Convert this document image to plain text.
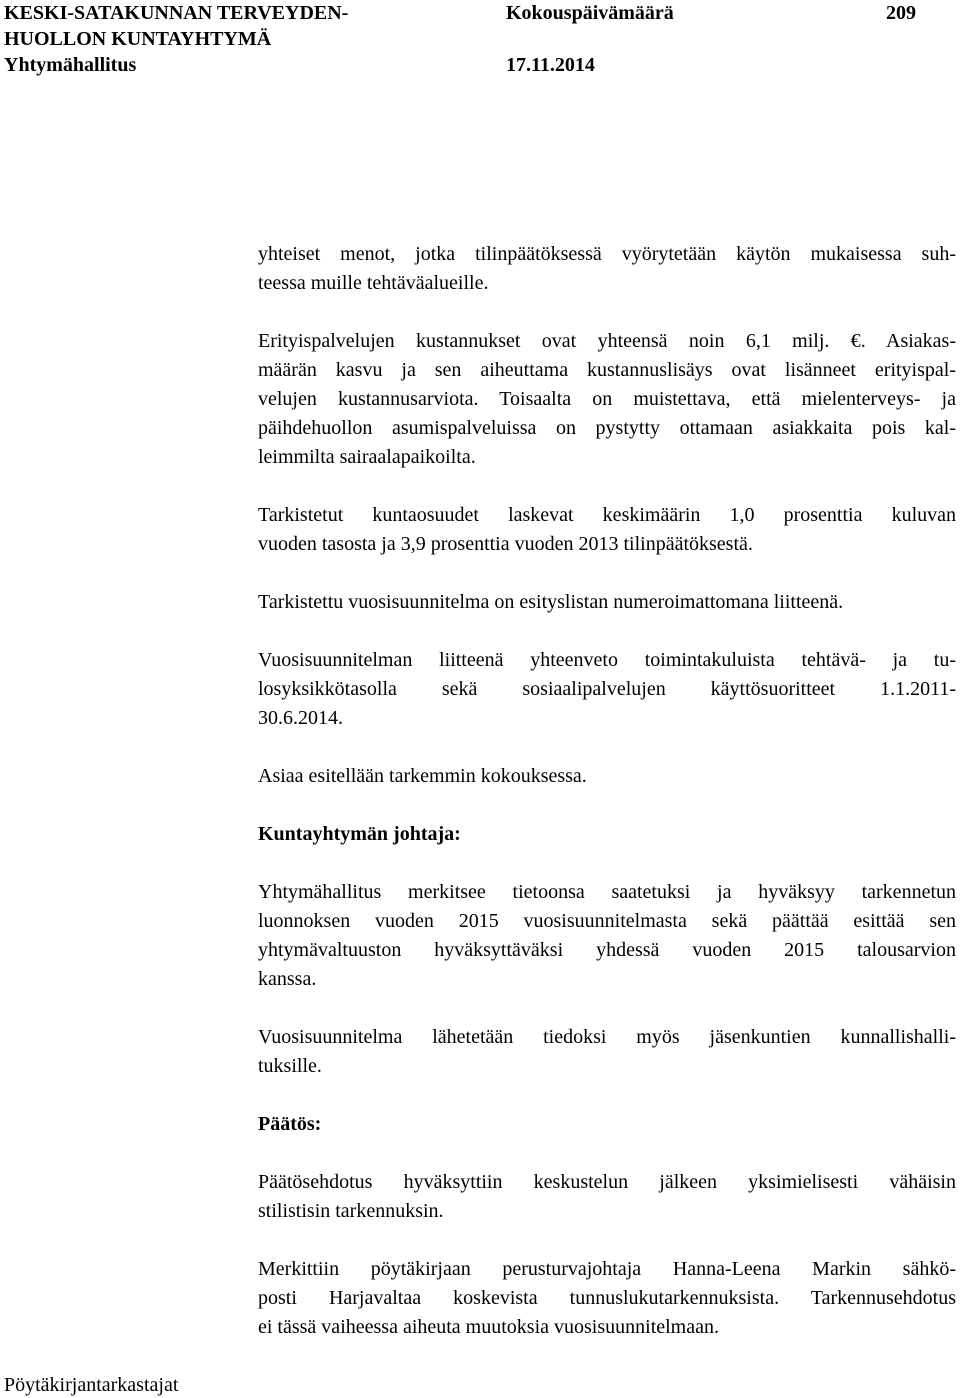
KESKI-SATAKUNNAN TERVEYDEN-
HUOLLON KUNTAYHTYMÄ
Yhtymähallitus
Kokouspäivämäärä
17.11.2014
209

yhteiset menot, jotka tilinpäätöksessä vyörytetään käytön mukaisessa suh-
teessa muille tehtäväalueille.

Erityispalvelujen kustannukset ovat yhteensä noin 6,1 milj. €. Asiakas-
määrän kasvu ja sen aiheuttama kustannuslisäys ovat lisänneet erityispal-
velujen kustannusarviota. Toisaalta on muistettava, että mielenterveys- ja
päihdehuollon asumispalveluissa on pystytty ottamaan asiakkaita pois kal-
leimmilta sairaalapaikoilta.

Tarkistetut kuntaosuudet laskevat keskimäärin 1,0 prosenttia kuluvan
vuoden tasosta ja 3,9 prosenttia vuoden 2013 tilinpäätöksestä.

Tarkistettu vuosisuunnitelma on esityslistan numeroimattomana liitteenä.

Vuosisuunnitelman liitteenä yhteenveto toimintakuluista tehtävä- ja tu-
losyksikkötasolla sekä sosiaalipalvelujen käyttösuoritteet 1.1.2011-
30.6.2014.

Asiaa esitellään tarkemmin kokouksessa.

Kuntayhtymän johtaja:

Yhtymähallitus merkitsee tietoonsa saatetuksi ja hyväksyy tarkennetun
luonnoksen vuoden 2015 vuosisuunnitelmasta sekä päättää esittää sen
yhtymävaltuuston hyväksyttäväksi yhdessä vuoden 2015 talousarvion
kanssa.

Vuosisuunnitelma lähetetään tiedoksi myös jäsenkuntien kunnallishalli-
tuksille.

Päätös:

Päätösehdotus hyväksyttiin keskustelun jälkeen yksimielisesti vähäisin
stilistisin tarkennuksin.

Merkittiin pöytäkirjaan perusturvajohtaja Hanna-Leena Markin sähkö-
posti Harjavaltaa koskevista tunnuslukutarkennuksista. Tarkennusehdotus
ei tässä vaiheessa aiheuta muutoksia vuosisuunnitelmaan.

Pöytäkirjantarkastajat
